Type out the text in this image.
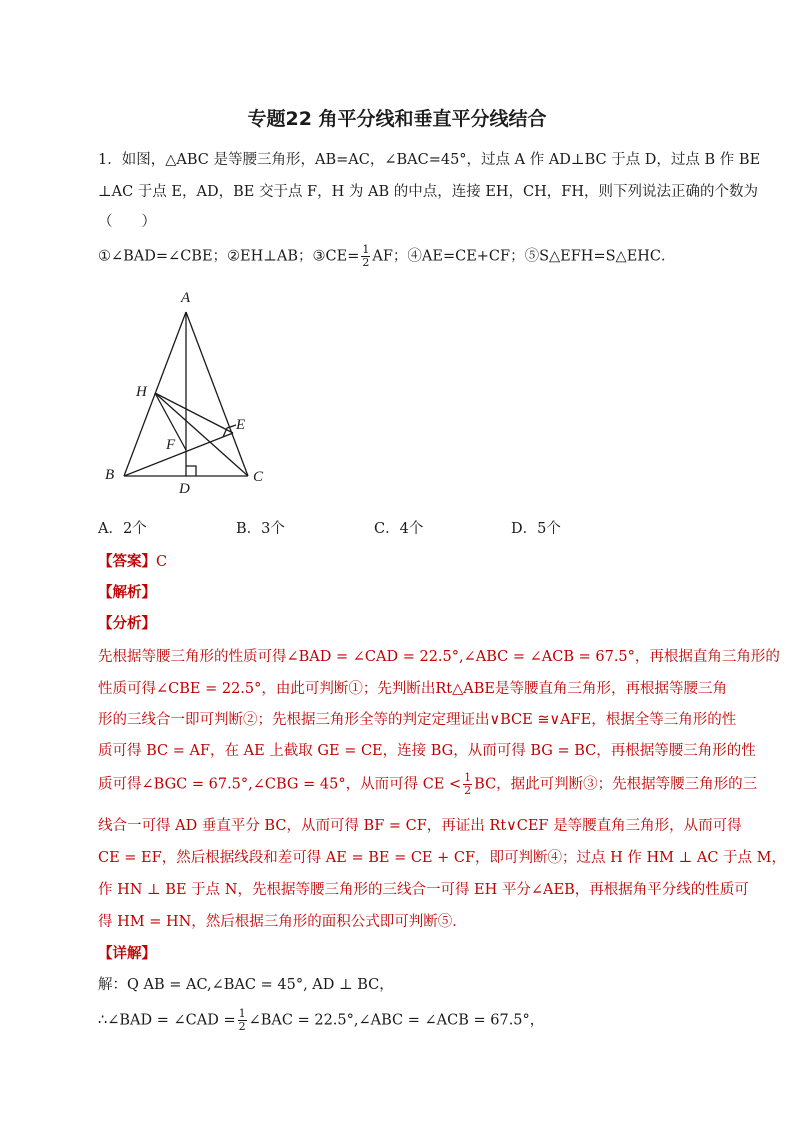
专题22 角平分线和垂直平分线结合
1．如图，△ABC 是等腰三角形，AB=AC，∠BAC=45°，过点 A 作 AD⊥BC 于点 D，过点 B 作 BE
⊥AC 于点 E，AD，BE 交于点 F，H 为 AB 的中点，连接 EH，CH，FH，则下列说法正确的个数为
（　　）
①∠BAD=∠CBE；②EH⊥AB；③CE= $\frac{1}{2}$ AF；④AE=CE+CF；⑤S△EFH=S△EHC．
A
H
E
F
B
D
C
A．2个	B．3个	C．4个	D．5个
【答案】C
【解析】
【分析】
先根据等腰三角形的性质可得∠BAD = ∠CAD = 22.5°,∠ABC = ∠ACB = 67.5°，再根据直角三角形的
性质可得∠CBE = 22.5°，由此可判断①；先判断出Rt△ABE是等腰直角三角形，再根据等腰三角
形的三线合一即可判断②；先根据三角形全等的判定定理证出∨BCE ≅∨AFE，根据全等三角形的性
质可得 BC = AF，在 AE 上截取 GE = CE，连接 BG，从而可得 BG = BC，再根据等腰三角形的性
质可得∠BGC = 67.5°,∠CBG = 45°，从而可得 CE < $\frac{1}{2}$ BC，据此可判断③；先根据等腰三角形的三
线合一可得 AD 垂直平分 BC，从而可得 BF = CF，再证出 Rt∨CEF 是等腰直角三角形，从而可得
CE = EF，然后根据线段和差可得 AE = BE = CE + CF，即可判断④；过点 H 作 HM ⊥ AC 于点 M，
作 HN ⊥ BE 于点 N，先根据等腰三角形的三线合一可得 EH 平分∠AEB，再根据角平分线的性质可
得 HM = HN，然后根据三角形的面积公式即可判断⑤．
【详解】
解：Q AB = AC,∠BAC = 45°, AD ⊥ BC，
∴∠BAD = ∠CAD = $\frac{1}{2}$ ∠BAC = 22.5°,∠ABC = ∠ACB = 67.5°，
